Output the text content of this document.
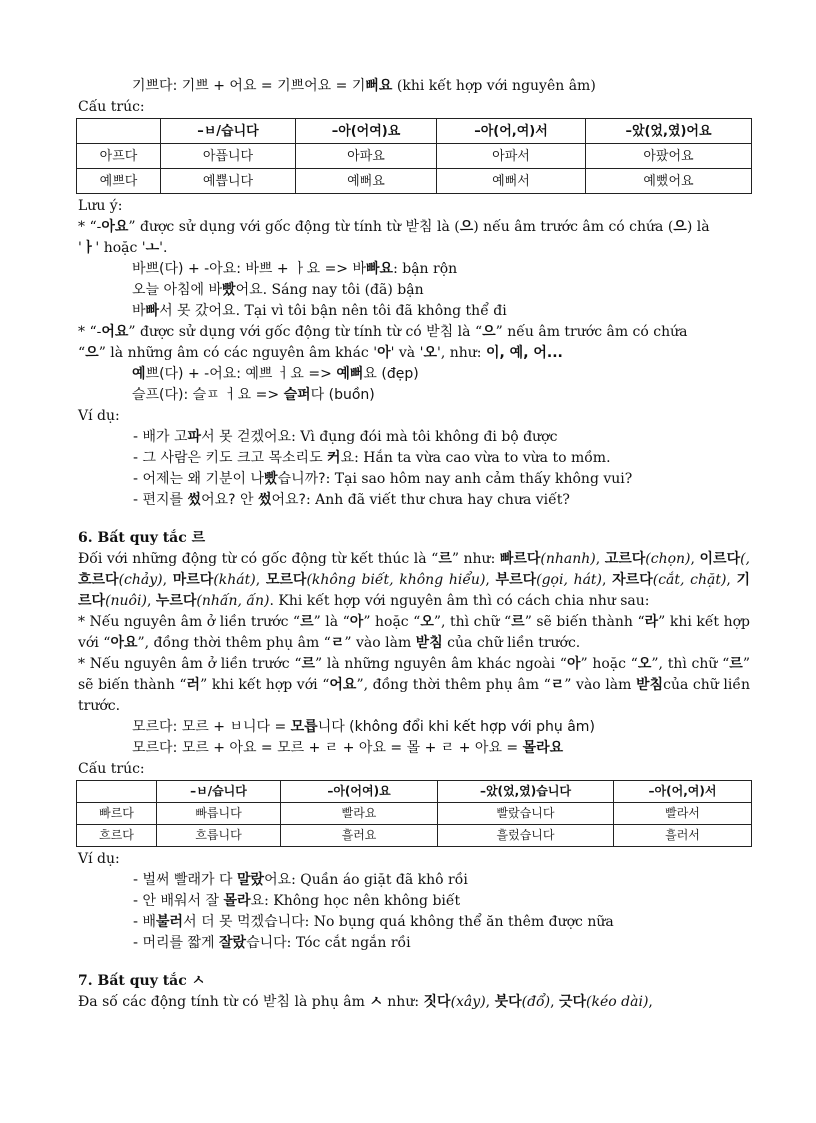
기쁘다: 기쁘 + 어요 = 기쁘어요 = 기뻐요 (khi kết hợp với nguyên âm)
Cấu trúc:
	–ㅂ/습니다	–아(어여)요	–아(어,여)서	–았(었,였)어요
아프다	아픕니다	아파요	아파서	아팠어요
예쁘다	예쁩니다	예뻐요	예뻐서	예뻤어요
Lưu ý:
* “-아요” được sử dụng với gốc động từ tính từ 받침 là (으) nếu âm trước âm có chứa (으) là
'ㅏ' hoặc 'ㅗ'.
바쁘(다) + -아요: 바쁘 + ㅏ요 => 바빠요: bận rộn
오늘 아침에 바빴어요. Sáng nay tôi (đã) bận
바빠서 못 갔어요. Tại vì tôi bận nên tôi đã không thể đi
* “-어요” được sử dụng với gốc động từ tính từ có 받침 là “으” nếu âm trước âm có chứa
“으” là những âm có các nguyên âm khác '아' và '오', như: 이, 예, 어...
예쁘(다) + -어요: 예쁘 ㅓ요 => 예뻐요 (đẹp)
슬프(다): 슬ㅍ ㅓ요 => 슬퍼다 (buồn)
Ví dụ:
- 배가 고파서 못 걷겠어요: Vì đụng đói mà tôi không đi bộ được
- 그 사람은 키도 크고 목소리도 커요: Hắn ta vừa cao vừa to vừa to mồm.
- 어제는 왜 기분이 나빴습니까?: Tại sao hôm nay anh cảm thấy không vui?
- 편지를 썼어요? 안 썼어요?: Anh đã viết thư chưa hay chưa viết?
6. Bất quy tắc 르
Đối với những động từ có gốc động từ kết thúc là “르” như: 빠르다(nhanh), 고르다(chọn), 이르다(, 흐르다(chảy), 마르다(khát), 모르다(không biết, không hiểu), 부르다(gọi, hát), 자르다(cắt, chặt), 기르다(nuôi), 누르다(nhấn, ấn). Khi kết hợp với nguyên âm thì có cách chia như sau:
* Nếu nguyên âm ở liền trước “르” là “아” hoặc “오”, thì chữ “르” sẽ biến thành “라” khi kết hợp với “아요”, đồng thời thêm phụ âm “ㄹ” vào làm 받침 của chữ liền trước.
* Nếu nguyên âm ở liền trước “르” là những nguyên âm khác ngoài “아” hoặc “오”, thì chữ “르” sẽ biến thành “러” khi kết hợp với “어요”, đồng thời thêm phụ âm “ㄹ” vào làm 받침của chữ liền trước.
모르다: 모르 + ㅂ니다 = 모릅니다 (không đổi khi kết hợp với phụ âm)
모르다: 모르 + 아요 = 모르 + ㄹ + 아요 = 몰 + ㄹ + 아요 = 몰라요
Cấu trúc:
	–ㅂ/습니다	–아(어여)요	–았(었,였)습니다	–아(어,여)서
빠르다	빠릅니다	빨라요	빨랐습니다	빨라서
흐르다	흐릅니다	흘러요	흘렀습니다	흘러서
Ví dụ:
- 벌써 빨래가 다 말랐어요: Quần áo giặt đã khô rồi
- 안 배워서 잘 몰라요: Không học nên không biết
- 배불러서 더 못 먹겠습니다: No bụng quá không thể ăn thêm được nữa
- 머리를 짧게 잘랐습니다: Tóc cắt ngắn rồi
7. Bất quy tắc ㅅ
Đa số các động tính từ có 받침 là phụ âm ㅅ như: 짓다(xây), 붓다(đổ), 긋다(kéo dài),
